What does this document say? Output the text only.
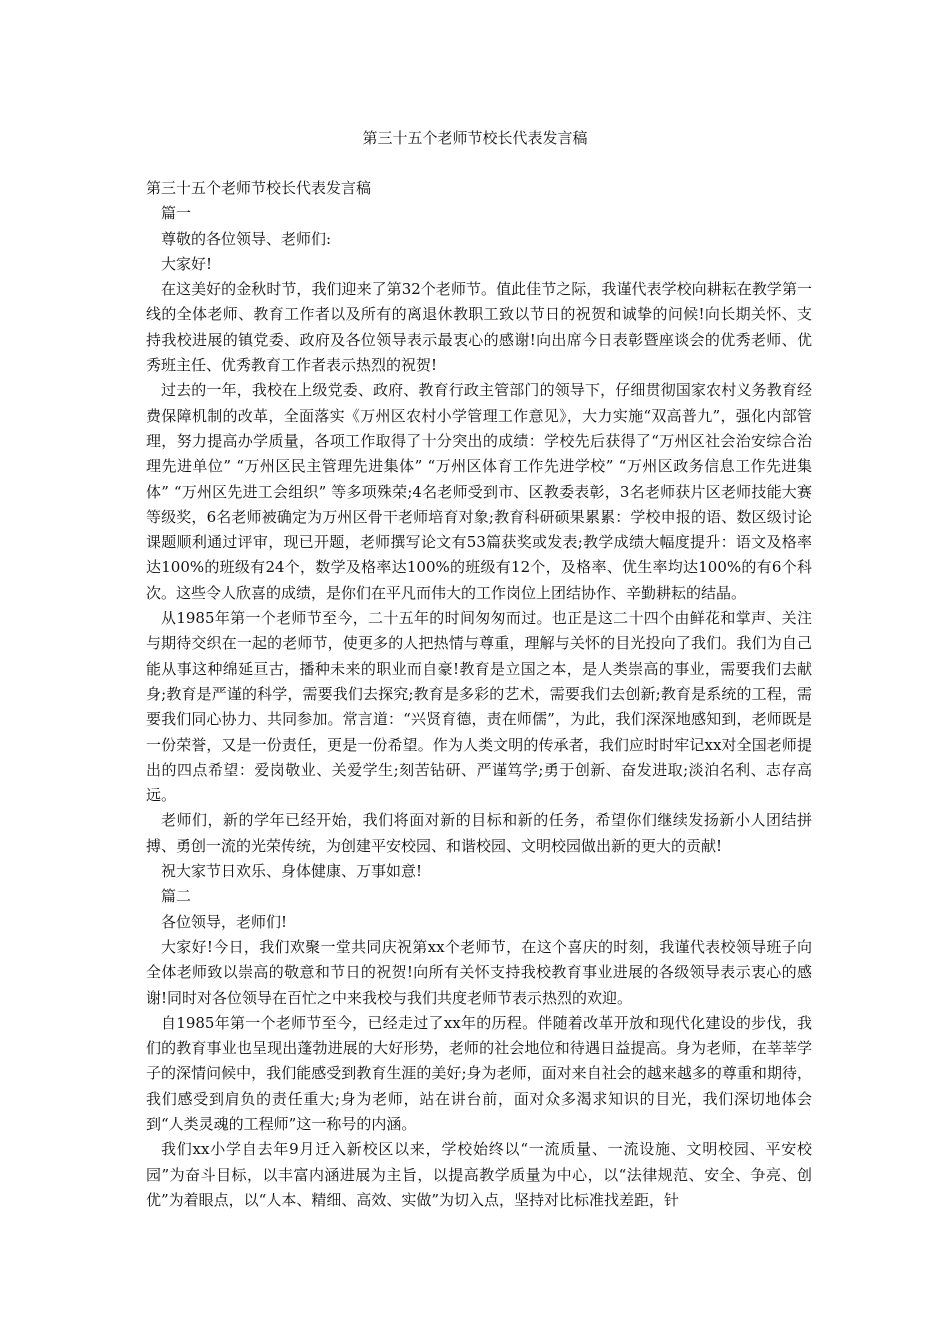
第三十五个老师节校长代表发言稿

第三十五个老师节校长代表发言稿

篇一

尊敬的各位领导、老师们:

大家好!

在这美好的金秋时节，我们迎来了第32个老师节。值此佳节之际，我谨代表学校向耕耘在教学第一线的全体老师、教育工作者以及所有的离退休教职工致以节日的祝贺和诚挚的问候!向长期关怀、支持我校进展的镇党委、政府及各位领导表示最衷心的感谢!向出席今日表彰暨座谈会的优秀老师、优秀班主任、优秀教育工作者表示热烈的祝贺!

过去的一年，我校在上级党委、政府、教育行政主管部门的领导下，仔细贯彻国家农村义务教育经费保障机制的改革，全面落实《万州区农村小学管理工作意见》，大力实施“双高普九”，强化内部管理，努力提高办学质量，各项工作取得了十分突出的成绩：学校先后获得了“万州区社会治安综合治理先进单位” “万州区民主管理先进集体” “万州区体育工作先进学校” “万州区政务信息工作先进集体” “万州区先进工会组织” 等多项殊荣;4名老师受到市、区教委表彰，3名老师获片区老师技能大赛等级奖，6名老师被确定为万州区骨干老师培育对象;教育科研硕果累累：学校申报的语、数区级讨论课题顺利通过评审，现已开题，老师撰写论文有53篇获奖或发表;教学成绩大幅度提升：语文及格率达100%的班级有24个，数学及格率达100%的班级有12个，及格率、优生率均达100%的有6个科次。这些令人欣喜的成绩，是你们在平凡而伟大的工作岗位上团结协作、辛勤耕耘的结晶。

从1985年第一个老师节至今，二十五年的时间匆匆而过。也正是这二十四个由鲜花和掌声、关注与期待交织在一起的老师节，使更多的人把热情与尊重，理解与关怀的目光投向了我们。我们为自己能从事这种绵延亘古，播种未来的职业而自豪!教育是立国之本，是人类崇高的事业，需要我们去献身;教育是严谨的科学，需要我们去探究;教育是多彩的艺术，需要我们去创新;教育是系统的工程，需要我们同心协力、共同参加。常言道：“兴贤育德，责在师儒”，为此，我们深深地感知到，老师既是一份荣誉，又是一份责任，更是一份希望。作为人类文明的传承者，我们应时时牢记xx对全国老师提出的四点希望：爱岗敬业、关爱学生;刻苦钻研、严谨笃学;勇于创新、奋发进取;淡泊名利、志存高远。

老师们，新的学年已经开始，我们将面对新的目标和新的任务，希望你们继续发扬新小人团结拼搏、勇创一流的光荣传统，为创建平安校园、和谐校园、文明校园做出新的更大的贡献!

祝大家节日欢乐、身体健康、万事如意!

篇二

各位领导，老师们!

大家好!今日，我们欢聚一堂共同庆祝第xx个老师节，在这个喜庆的时刻，我谨代表校领导班子向全体老师致以崇高的敬意和节日的祝贺!向所有关怀支持我校教育事业进展的各级领导表示衷心的感谢!同时对各位领导在百忙之中来我校与我们共度老师节表示热烈的欢迎。

自1985年第一个老师节至今，已经走过了xx年的历程。伴随着改革开放和现代化建设的步伐，我们的教育事业也呈现出蓬勃进展的大好形势，老师的社会地位和待遇日益提高。身为老师，在莘莘学子的深情问候中，我们能感受到教育生涯的美好;身为老师，面对来自社会的越来越多的尊重和期待，我们感受到肩负的责任重大;身为老师，站在讲台前，面对众多渴求知识的目光，我们深切地体会到“人类灵魂的工程师”这一称号的内涵。

我们xx小学自去年9月迁入新校区以来，学校始终以“一流质量、一流设施、文明校园、平安校园”为奋斗目标，以丰富内涵进展为主旨，以提高教学质量为中心，以“法律规范、安全、争亮、创优”为着眼点，以“人本、精细、高效、实做”为切入点，坚持对比标准找差距，针
